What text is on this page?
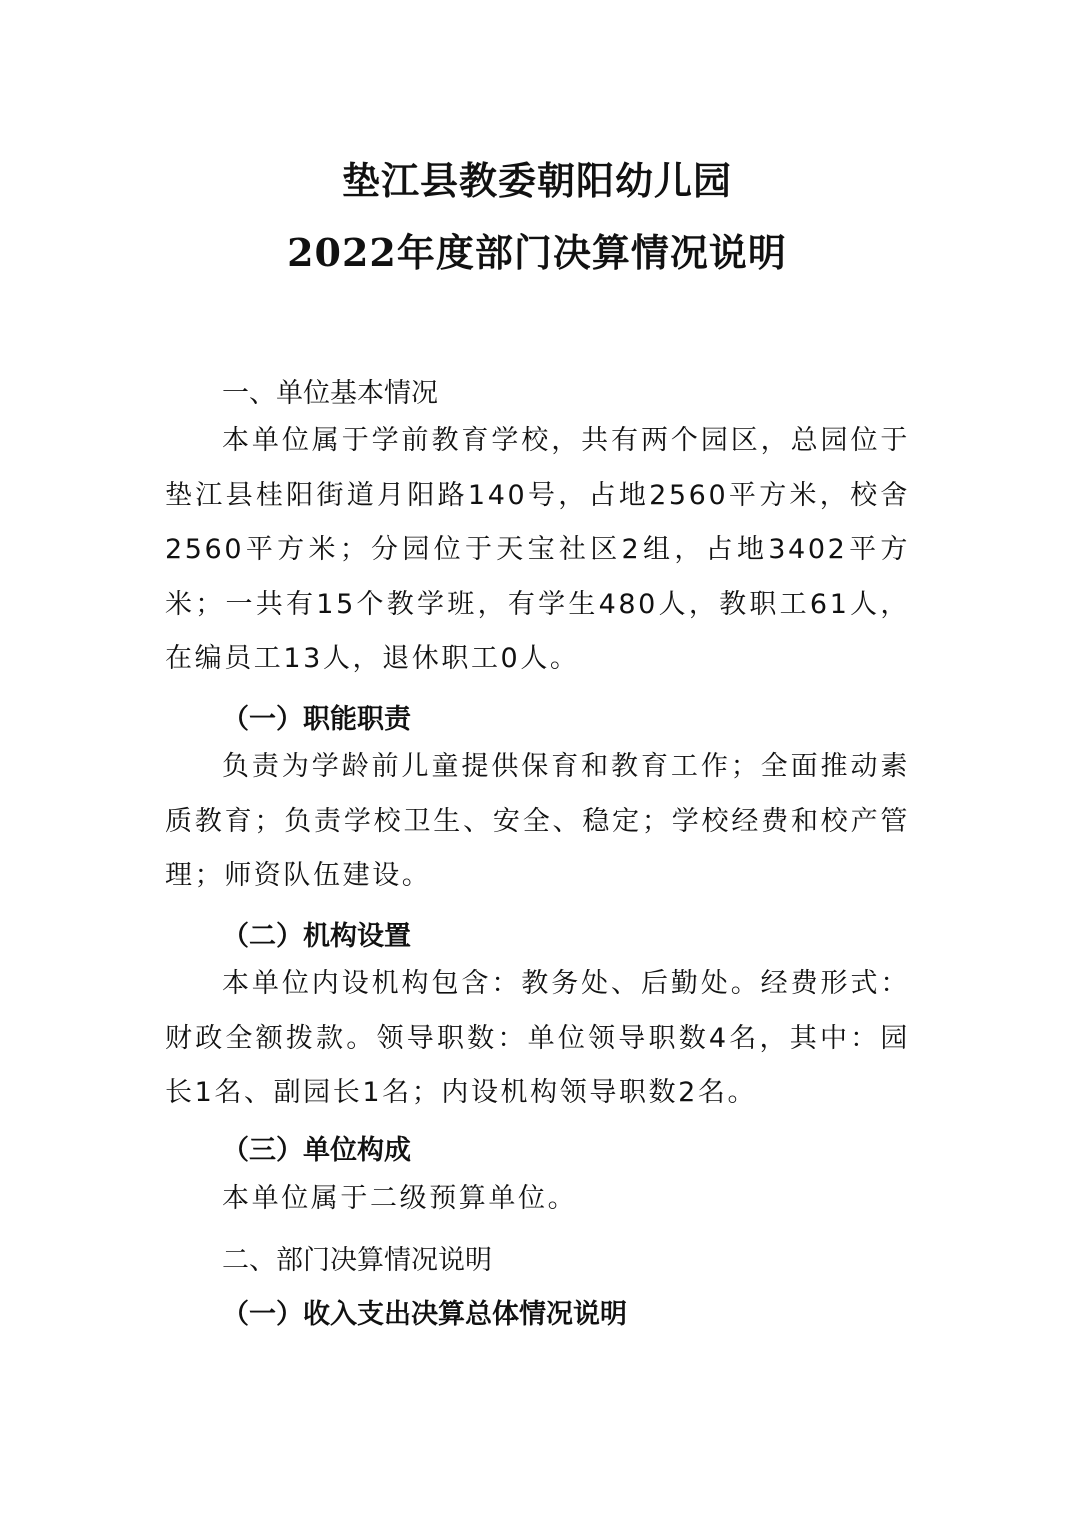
垫江县教委朝阳幼儿园
2022年度部门决算情况说明
一、单位基本情况

本单位属于学前教育学校，共有两个园区，总园位于垫江县桂阳街道月阳路140号，占地2560平方米，校舍2560平方米；分园位于天宝社区2组，占地3402平方米；一共有15个教学班，有学生480人，教职工61人，在编员工13人，退休职工0人。

（一）职能职责

负责为学龄前儿童提供保育和教育工作；全面推动素质教育；负责学校卫生、安全、稳定；学校经费和校产管理；师资队伍建设。

（二）机构设置

本单位内设机构包含：教务处、后勤处。经费形式：财政全额拨款。领导职数：单位领导职数4名，其中：园长1名、副园长1名；内设机构领导职数2名。

（三）单位构成

本单位属于二级预算单位。

二、部门决算情况说明
（一）收入支出决算总体情况说明
